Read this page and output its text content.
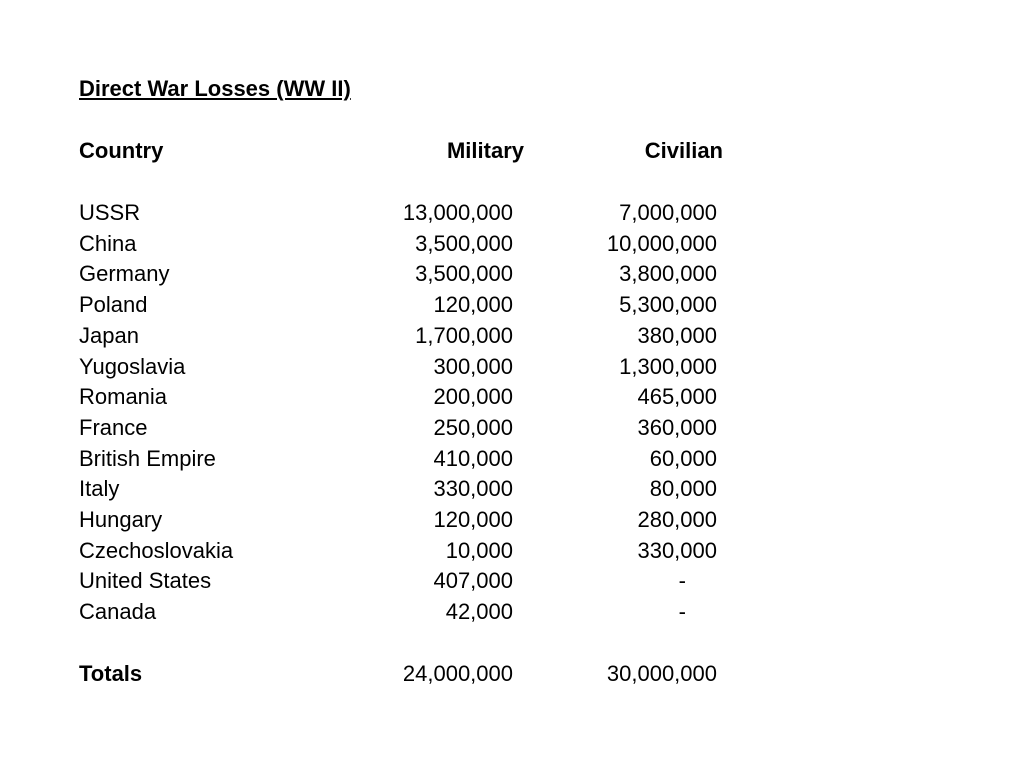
Direct War Losses (WW II)
Country	Military	Civilian
USSR	13,000,000	7,000,000
China	3,500,000	10,000,000
Germany	3,500,000	3,800,000
Poland	120,000	5,300,000
Japan	1,700,000	380,000
Yugoslavia	300,000	1,300,000
Romania	200,000	465,000
France	250,000	360,000
British Empire	410,000	60,000
Italy	330,000	80,000
Hungary	120,000	280,000
Czechoslovakia	10,000	330,000
United States	407,000	-
Canada	42,000	-
Totals	24,000,000	30,000,000
